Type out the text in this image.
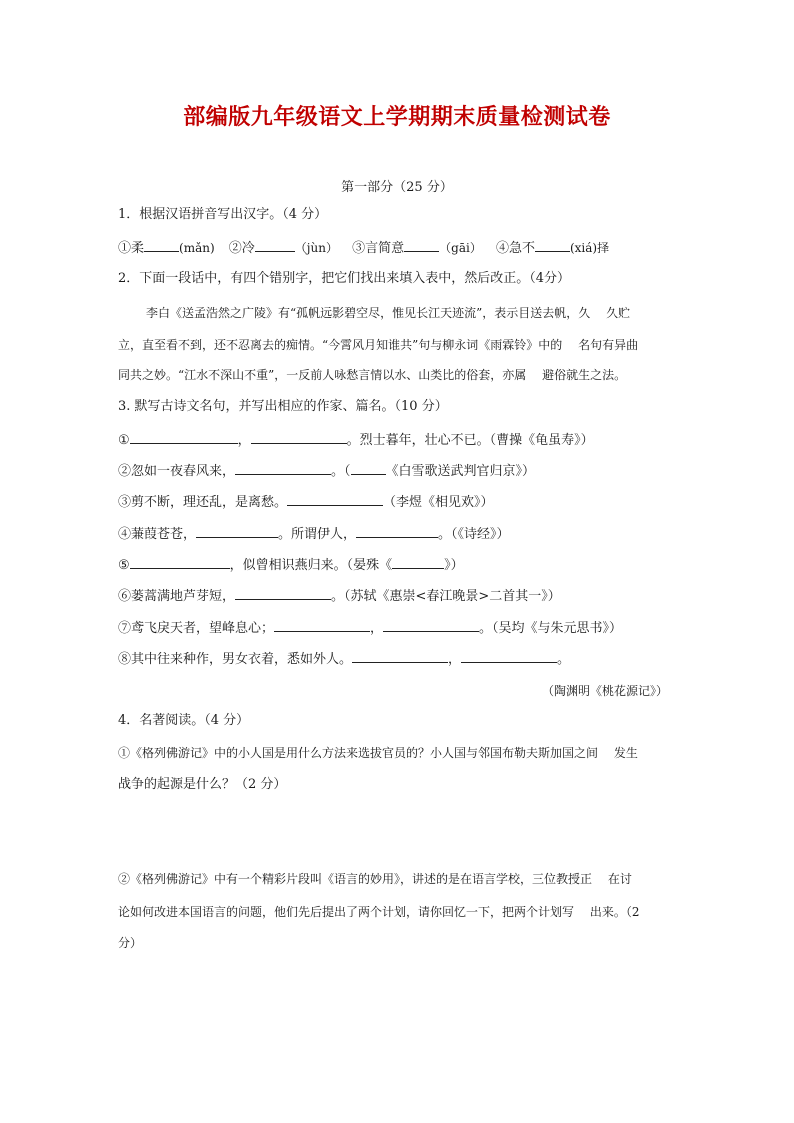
部编版九年级语文上学期期末质量检测试卷
第一部分（25 分）
1．根据汉语拼音写出汉字。（4 分）
①柔	(mǎn) ②冷	（jùn） ③言简意	（gāi） ④急不	(xiá)择
2．下面一段话中，有四个错别字，把它们找出来填入表中，然后改正。（4分）
李白《送孟浩然之广陵》有“孤帆远影碧空尽，惟见长江天迹流”，表示目送去帆，久　 久贮
立，直至看不到，还不忍离去的痴情。“今霄风月知谁共”句与柳永词《雨霖铃》中的　 名句有异曲
同共之妙。“江水不深山不重”，一反前人咏愁言情以水、山类比的俗套，亦属　 避俗就生之法。
3. 默写古诗文名句，并写出相应的作家、篇名。（10 分）
①	，	。烈士暮年，壮心不已。（曹操《龟虽寿》）
②忽如一夜春风来，	。（	《白雪歌送武判官归京》）
③剪不断，理还乱，是离愁。	（李煜《相见欢》）
④蒹葭苍苍，	。所谓伊人，	。（《诗经》）
⑤	，似曾相识燕归来。（晏殊《	》）
⑥蒌蒿满地芦芽短，	。（苏轼《惠崇<春江晚景>二首其一》）
⑦鸢飞戾天者，望峰息心；	，	。（吴均《与朱元思书》）
⑧其中往来种作，男女衣着，悉如外人。	，	。
（陶渊明《桃花源记》）
4．名著阅读。（4 分）
①《格列佛游记》中的小人国是用什么方法来选拔官员的？小人国与邻国布勒夫斯加国之间　 发生
战争的起源是什么？（2 分）
②《格列佛游记》中有一个精彩片段叫《语言的妙用》，讲述的是在语言学校，三位教授正　 在讨
论如何改进本国语言的问题，他们先后提出了两个计划，请你回忆一下，把两个计划写　 出来。（2
分）
